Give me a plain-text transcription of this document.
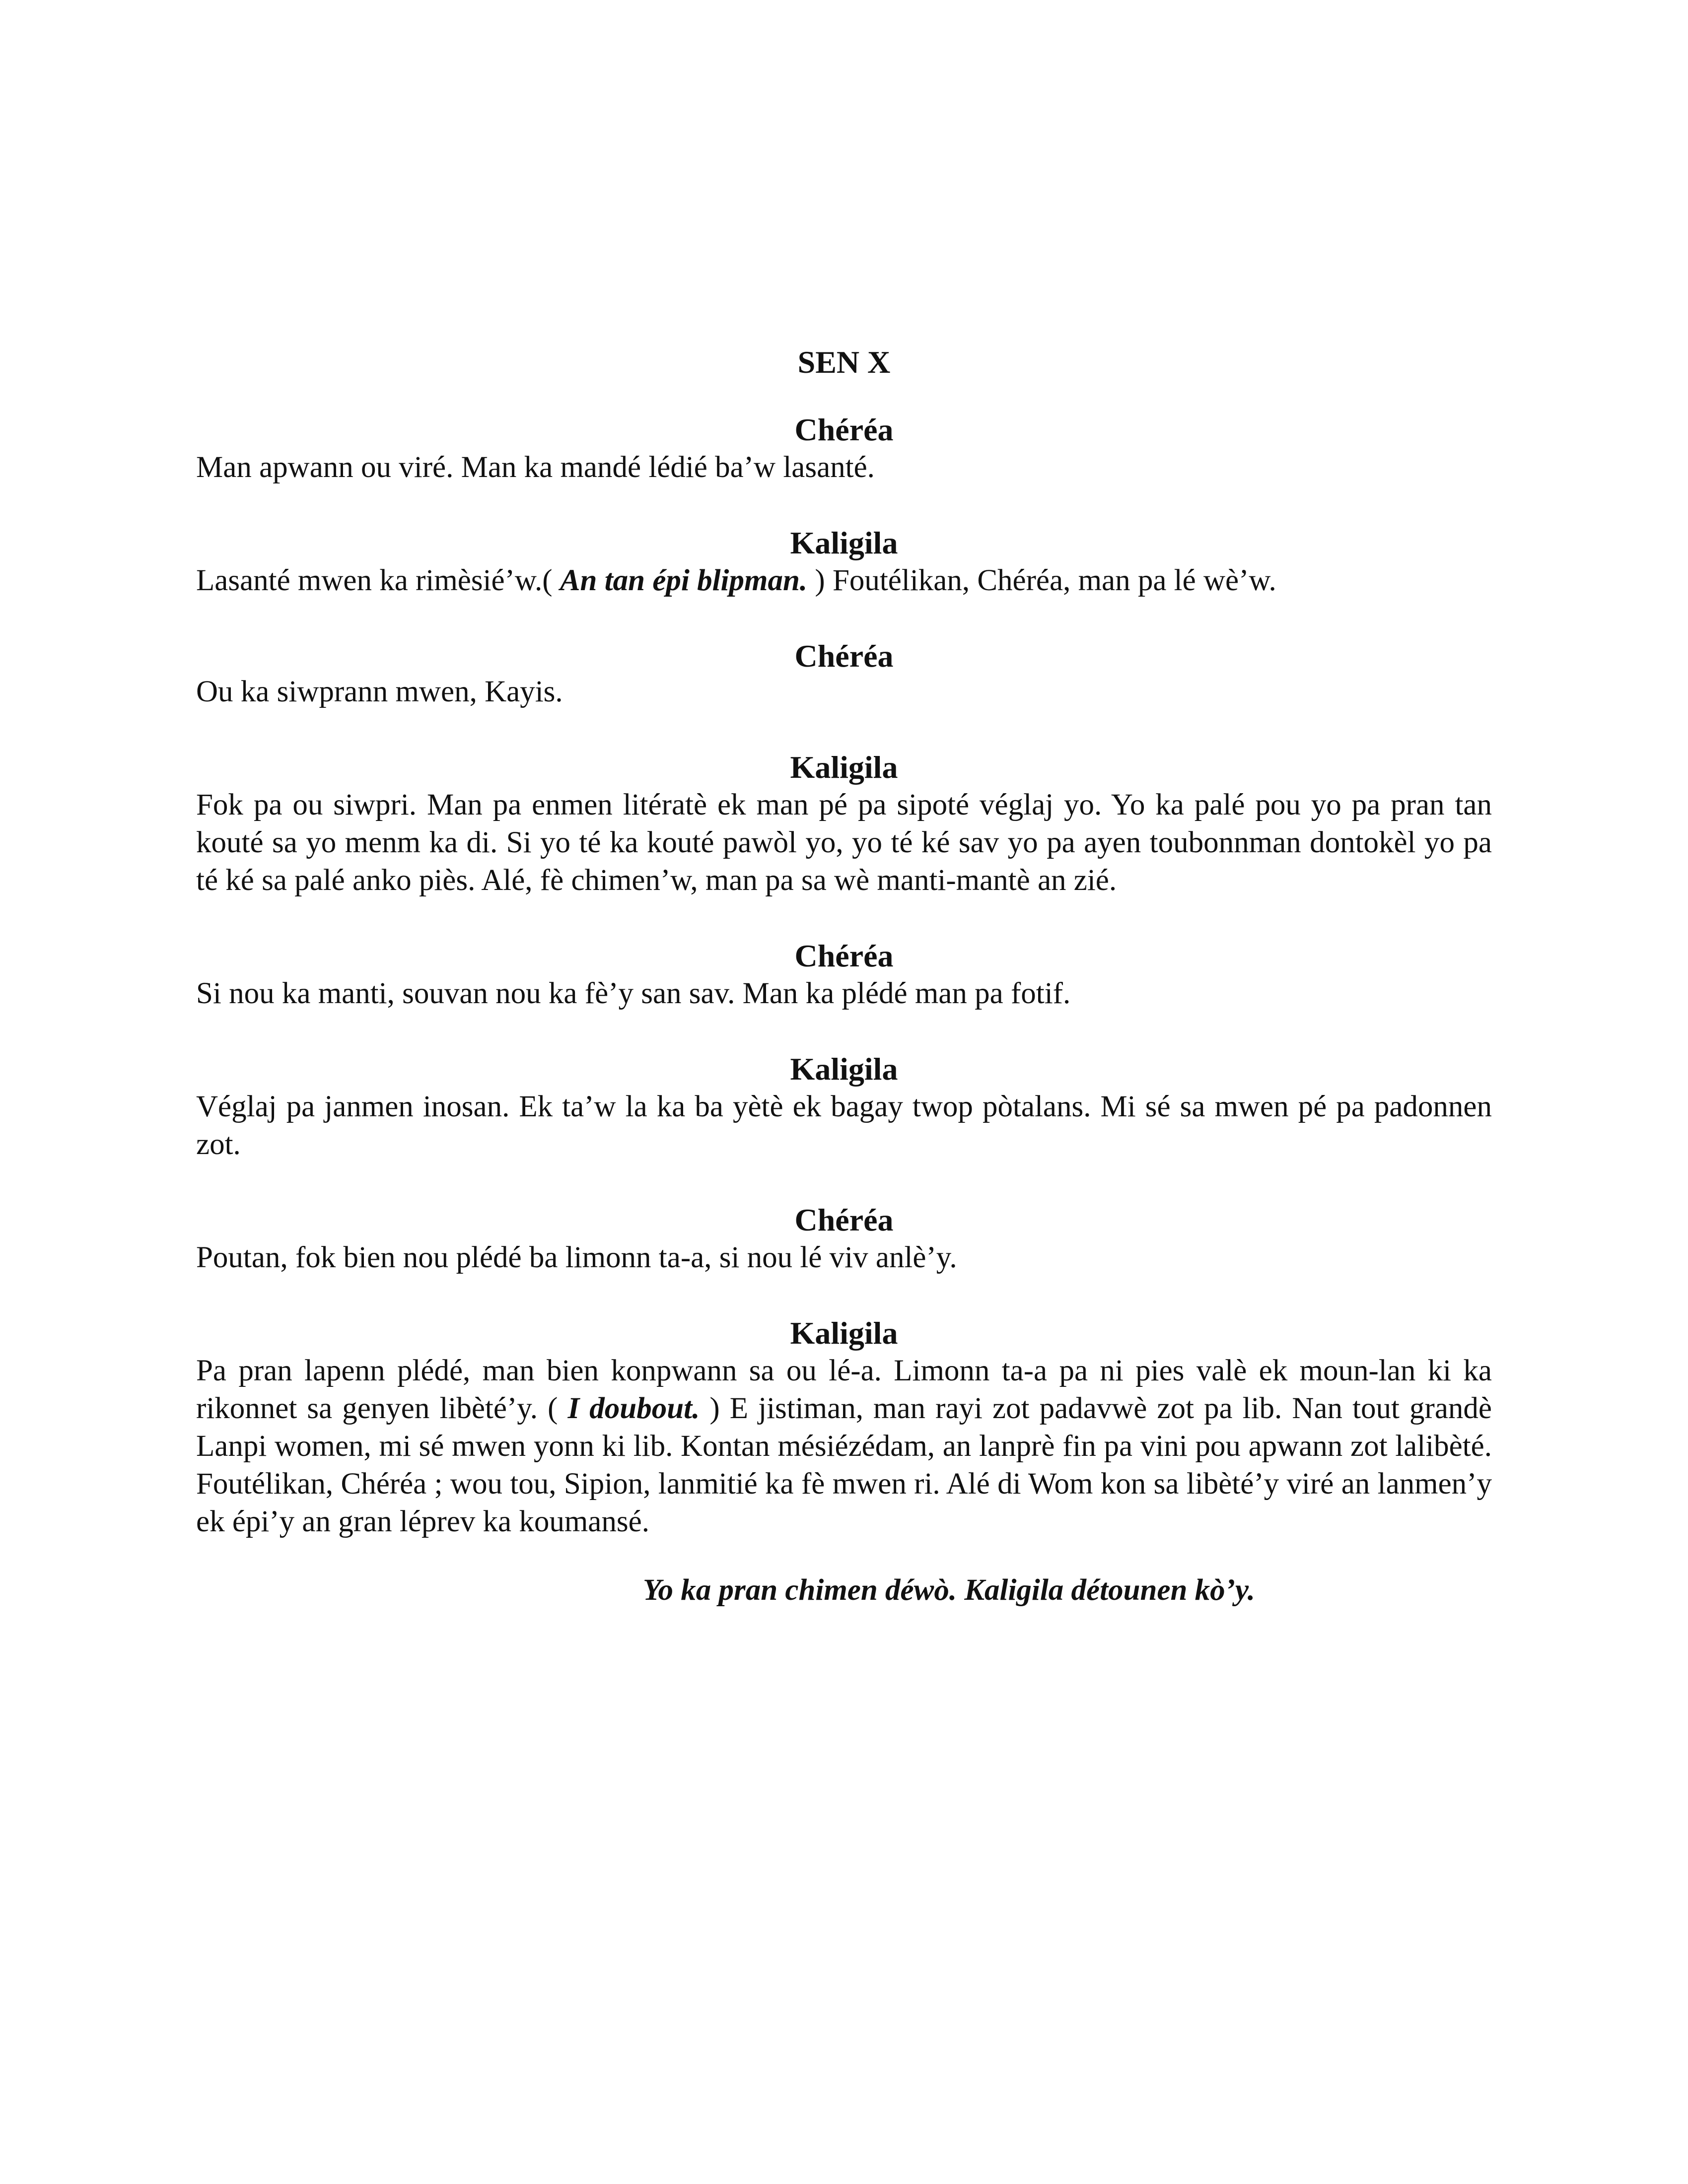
SEN X
Chéréa

Man apwann ou viré. Man ka mandé lédié ba’w lasanté.

Kaligila

Lasanté mwen ka rimèsié’w.( An tan épi blipman. ) Foutélikan, Chéréa, man pa lé wè’w.

Chéréa

Ou ka siwprann mwen, Kayis.

Kaligila

Fok pa ou siwpri. Man pa enmen litératè ek man pé pa sipoté véglaj yo. Yo ka palé pou yo pa pran tan kouté sa yo menm ka di. Si yo té ka kouté pawòl yo, yo té ké sav yo pa ayen toubonnman dontokèl yo pa té ké sa palé anko piès. Alé, fè chimen’w, man pa sa wè manti-mantè an zié.

Chéréa

Si nou ka manti, souvan nou ka fè’y san sav. Man ka plédé man pa fotif.

Kaligila

Véglaj pa janmen inosan. Ek ta’w la ka ba yètè ek bagay twop pòtalans. Mi sé sa mwen pé pa padonnen zot.

Chéréa

Poutan, fok bien nou plédé ba limonn ta-a, si nou lé viv anlè’y.

Kaligila

Pa pran lapenn plédé, man bien konpwann sa ou lé-a. Limonn ta-a pa ni pies valè ek moun-lan ki ka rikonnet sa genyen libèté’y. ( I doubout. ) E jistiman, man rayi zot padavwè zot pa lib. Nan tout grandè Lanpi women, mi sé mwen yonn ki lib. Kontan mésiézédam, an lanprè fin pa vini pou apwann zot lalibèté. Foutélikan, Chéréa ; wou tou, Sipion, lanmitié ka fè mwen ri. Alé di Wom kon sa libèté’y viré an lanmen’y ek épi’y an gran léprev ka koumansé.

Yo ka pran chimen déwò. Kaligila détounen kò’y.
